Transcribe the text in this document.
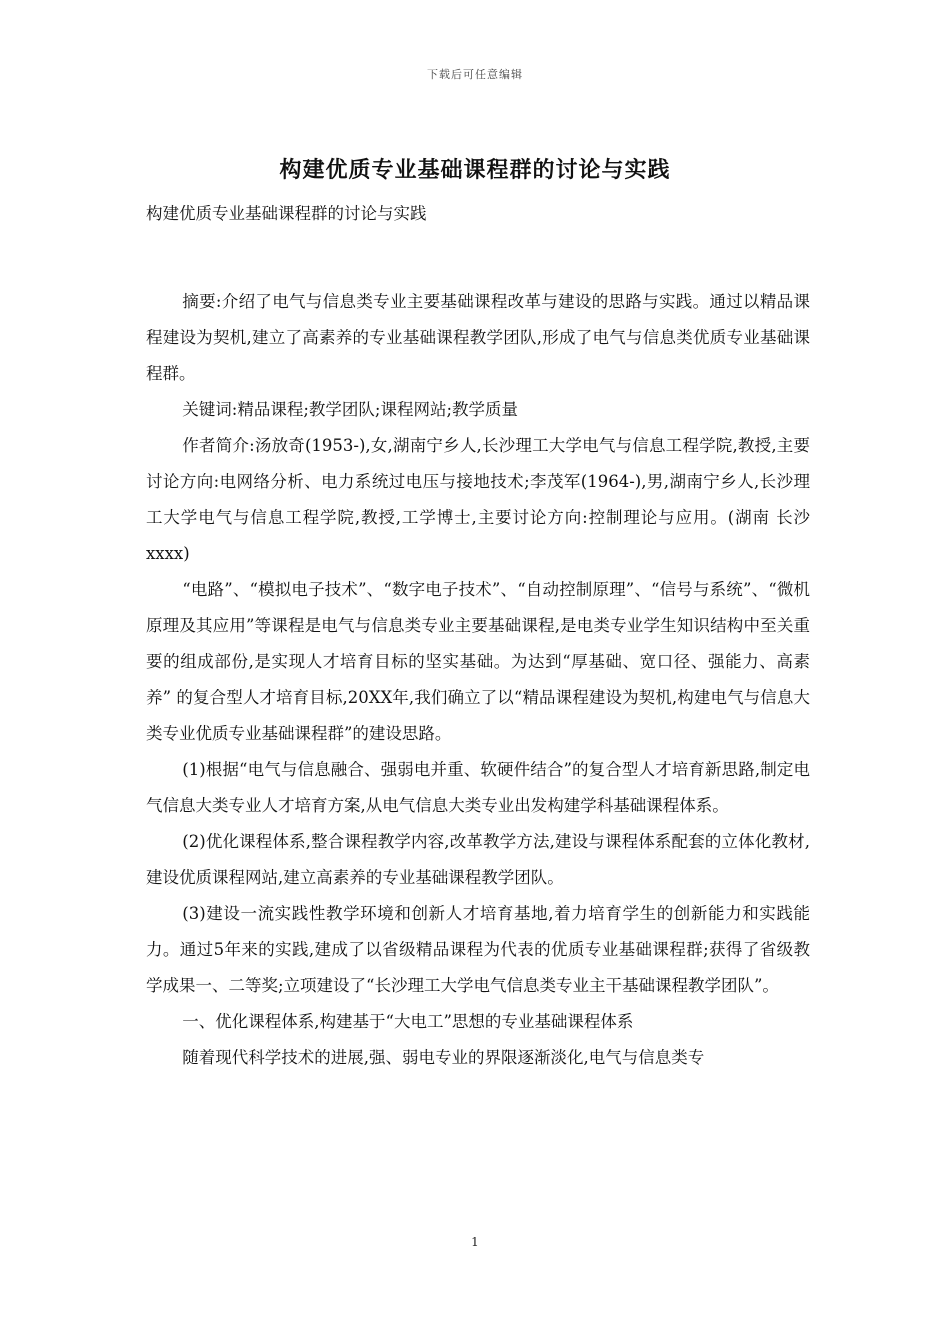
下载后可任意编辑
构建优质专业基础课程群的讨论与实践

构建优质专业基础课程群的讨论与实践

摘要:介绍了电气与信息类专业主要基础课程改革与建设的思路与实践。通过以精品课程建设为契机,建立了高素养的专业基础课程教学团队,形成了电气与信息类优质专业基础课程群。

关键词:精品课程;教学团队;课程网站;教学质量

作者简介:汤放奇(1953-),女,湖南宁乡人,长沙理工大学电气与信息工程学院,教授,主要讨论方向:电网络分析、电力系统过电压与接地技术;李茂军(1964-),男,湖南宁乡人,长沙理工大学电气与信息工程学院,教授,工学博士,主要讨论方向:控制理论与应用。(湖南 长沙 xxxx)

“电路”、“模拟电子技术”、“数字电子技术”、“自动控制原理”、“信号与系统”、“微机原理及其应用”等课程是电气与信息类专业主要基础课程,是电类专业学生知识结构中至关重要的组成部份,是实现人才培育目标的坚实基础。为达到“厚基础、宽口径、强能力、高素养” 的复合型人才培育目标,20XX年,我们确立了以“精品课程建设为契机,构建电气与信息大类专业优质专业基础课程群”的建设思路。

(1)根据“电气与信息融合、强弱电并重、软硬件结合”的复合型人才培育新思路,制定电气信息大类专业人才培育方案,从电气信息大类专业出发构建学科基础课程体系。

(2)优化课程体系,整合课程教学内容,改革教学方法,建设与课程体系配套的立体化教材,建设优质课程网站,建立高素养的专业基础课程教学团队。

(3)建设一流实践性教学环境和创新人才培育基地,着力培育学生的创新能力和实践能力。通过5年来的实践,建成了以省级精品课程为代表的优质专业基础课程群;获得了省级教学成果一、二等奖;立项建设了“长沙理工大学电气信息类专业主干基础课程教学团队”。

一、优化课程体系,构建基于“大电工”思想的专业基础课程体系

随着现代科学技术的进展,强、弱电专业的界限逐渐淡化,电气与信息类专

1
